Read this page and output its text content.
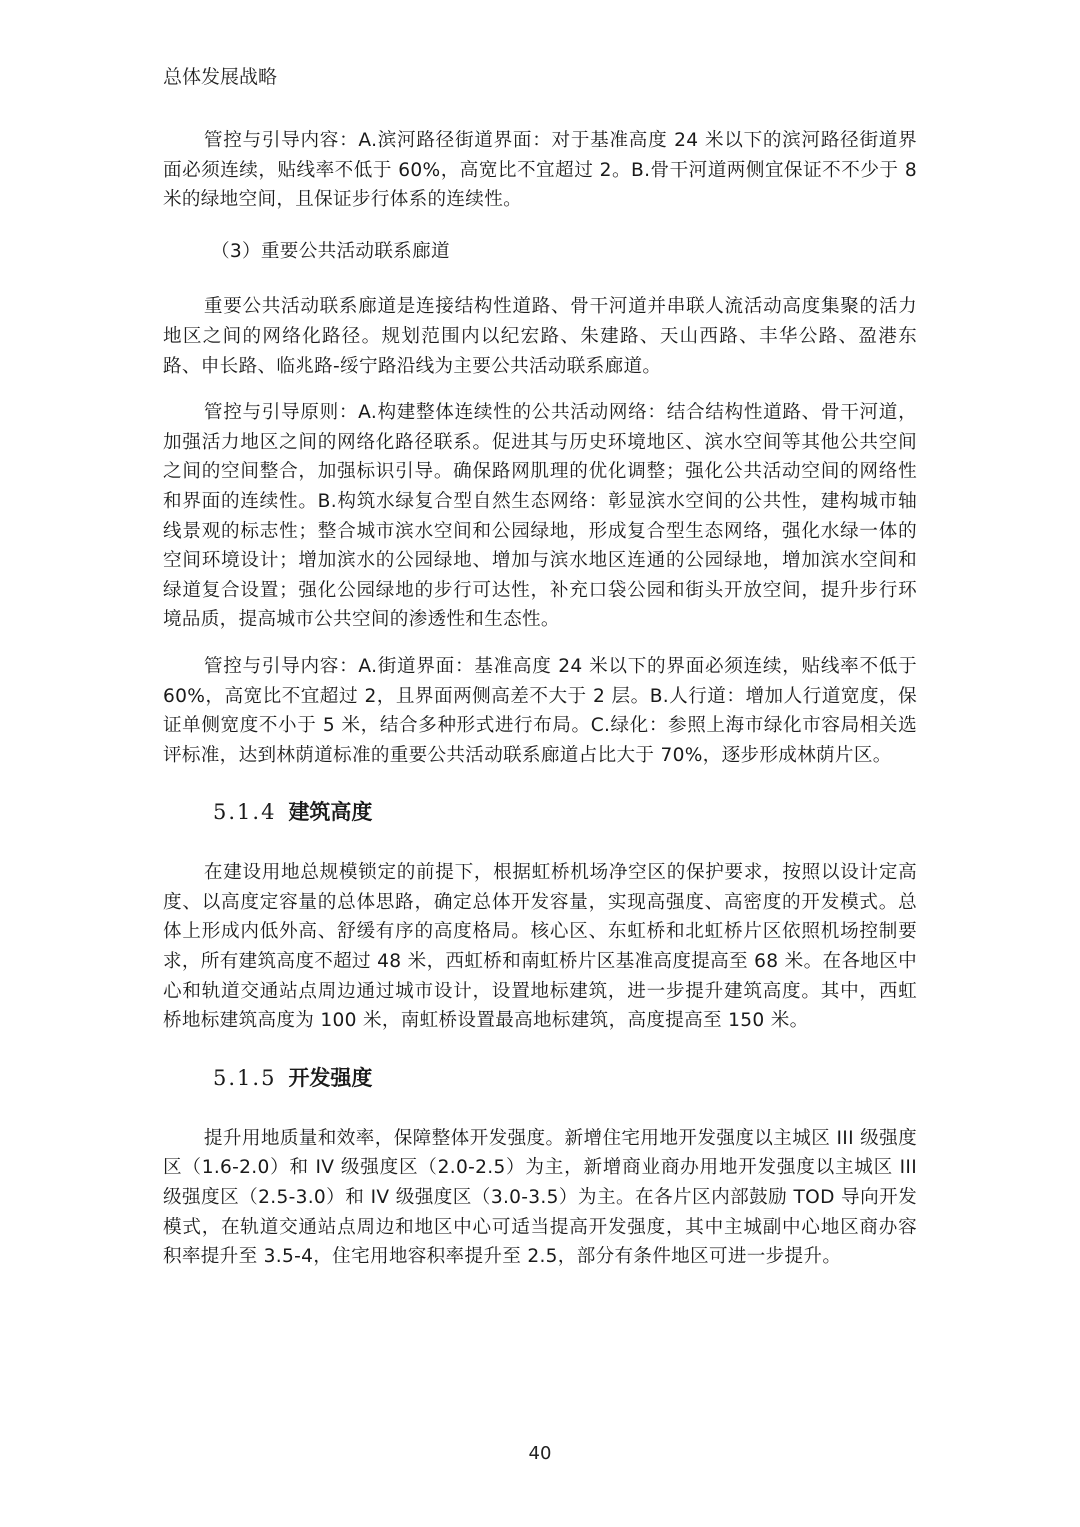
总体发展战略

管控与引导内容：A.滨河路径街道界面：对于基准高度 24 米以下的滨河路径街道界面必须连续，贴线率不低于 60%，高宽比不宜超过 2。B.骨干河道两侧宜保证不不少于 8 米的绿地空间，且保证步行体系的连续性。

（3）重要公共活动联系廊道

重要公共活动联系廊道是连接结构性道路、骨干河道并串联人流活动高度集聚的活力地区之间的网络化路径。规划范围内以纪宏路、朱建路、天山西路、丰华公路、盈港东路、申长路、临兆路-绥宁路沿线为主要公共活动联系廊道。

管控与引导原则：A.构建整体连续性的公共活动网络：结合结构性道路、骨干河道，加强活力地区之间的网络化路径联系。促进其与历史环境地区、滨水空间等其他公共空间之间的空间整合，加强标识引导。确保路网肌理的优化调整；强化公共活动空间的网络性和界面的连续性。B.构筑水绿复合型自然生态网络：彰显滨水空间的公共性，建构城市轴线景观的标志性；整合城市滨水空间和公园绿地，形成复合型生态网络，强化水绿一体的空间环境设计；增加滨水的公园绿地、增加与滨水地区连通的公园绿地，增加滨水空间和绿道复合设置；强化公园绿地的步行可达性，补充口袋公园和街头开放空间，提升步行环境品质，提高城市公共空间的渗透性和生态性。

管控与引导内容：A.街道界面：基准高度 24 米以下的界面必须连续，贴线率不低于 60%，高宽比不宜超过 2，且界面两侧高差不大于 2 层。B.人行道：增加人行道宽度，保证单侧宽度不小于 5 米，结合多种形式进行布局。C.绿化：参照上海市绿化市容局相关选评标准，达到林荫道标准的重要公共活动联系廊道占比大于 70%，逐步形成林荫片区。

5.1.4 建筑高度

在建设用地总规模锁定的前提下，根据虹桥机场净空区的保护要求，按照以设计定高度、以高度定容量的总体思路，确定总体开发容量，实现高强度、高密度的开发模式。总体上形成内低外高、舒缓有序的高度格局。核心区、东虹桥和北虹桥片区依照机场控制要求，所有建筑高度不超过 48 米，西虹桥和南虹桥片区基准高度提高至 68 米。在各地区中心和轨道交通站点周边通过城市设计，设置地标建筑，进一步提升建筑高度。其中，西虹桥地标建筑高度为 100 米，南虹桥设置最高地标建筑，高度提高至 150 米。

5.1.5 开发强度

提升用地质量和效率，保障整体开发强度。新增住宅用地开发强度以主城区 III 级强度区（1.6-2.0）和 IV 级强度区（2.0-2.5）为主，新增商业商办用地开发强度以主城区 III 级强度区（2.5-3.0）和 IV 级强度区（3.0-3.5）为主。在各片区内部鼓励 TOD 导向开发模式，在轨道交通站点周边和地区中心可适当提高开发强度，其中主城副中心地区商办容积率提升至 3.5-4，住宅用地容积率提升至 2.5，部分有条件地区可进一步提升。

40
